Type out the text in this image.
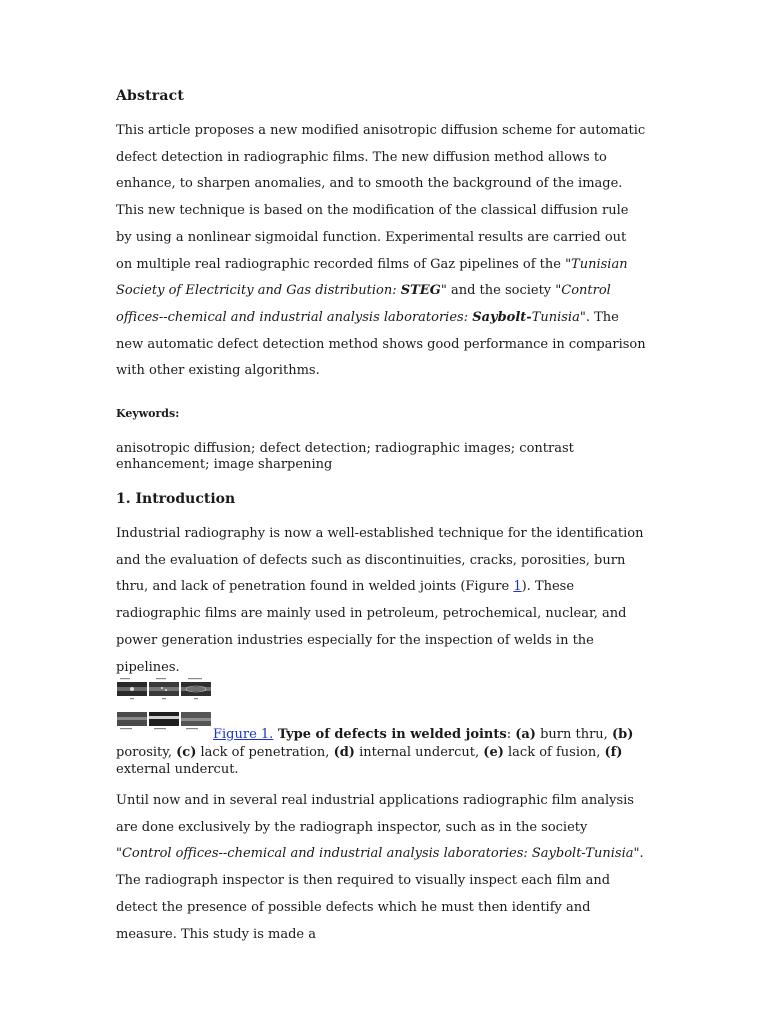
Abstract

This article proposes a new modified anisotropic diffusion scheme for automatic defect detection in radiographic films. The new diffusion method allows to enhance, to sharpen anomalies, and to smooth the background of the image. This new technique is based on the modification of the classical diffusion rule by using a nonlinear sigmoidal function. Experimental results are carried out on multiple real radiographic recorded films of Gaz pipelines of the "Tunisian Society of Electricity and Gas distribution: STEG" and the society "Control offices--chemical and industrial analysis laboratories: Saybolt-Tunisia". The new automatic defect detection method shows good performance in comparison with other existing algorithms.

Keywords:

anisotropic diffusion; defect detection; radiographic images; contrast enhancement; image sharpening

1. Introduction

Industrial radiography is now a well-established technique for the identification and the evaluation of defects such as discontinuities, cracks, porosities, burn thru, and lack of penetration found in welded joints (Figure 1). These radiographic films are mainly used in petroleum, petrochemical, nuclear, and power generation industries especially for the inspection of welds in the pipelines.

Figure 1. Type of defects in welded joints: (a) burn thru, (b) porosity, (c) lack of penetration, (d) internal undercut, (e) lack of fusion, (f) external undercut.

Until now and in several real industrial applications radiographic film analysis are done exclusively by the radiograph inspector, such as in the society "Control offices--chemical and industrial analysis laboratories: Saybolt-Tunisia". The radiograph inspector is then required to visually inspect each film and detect the presence of possible defects which he must then identify and measure. This study is made a
